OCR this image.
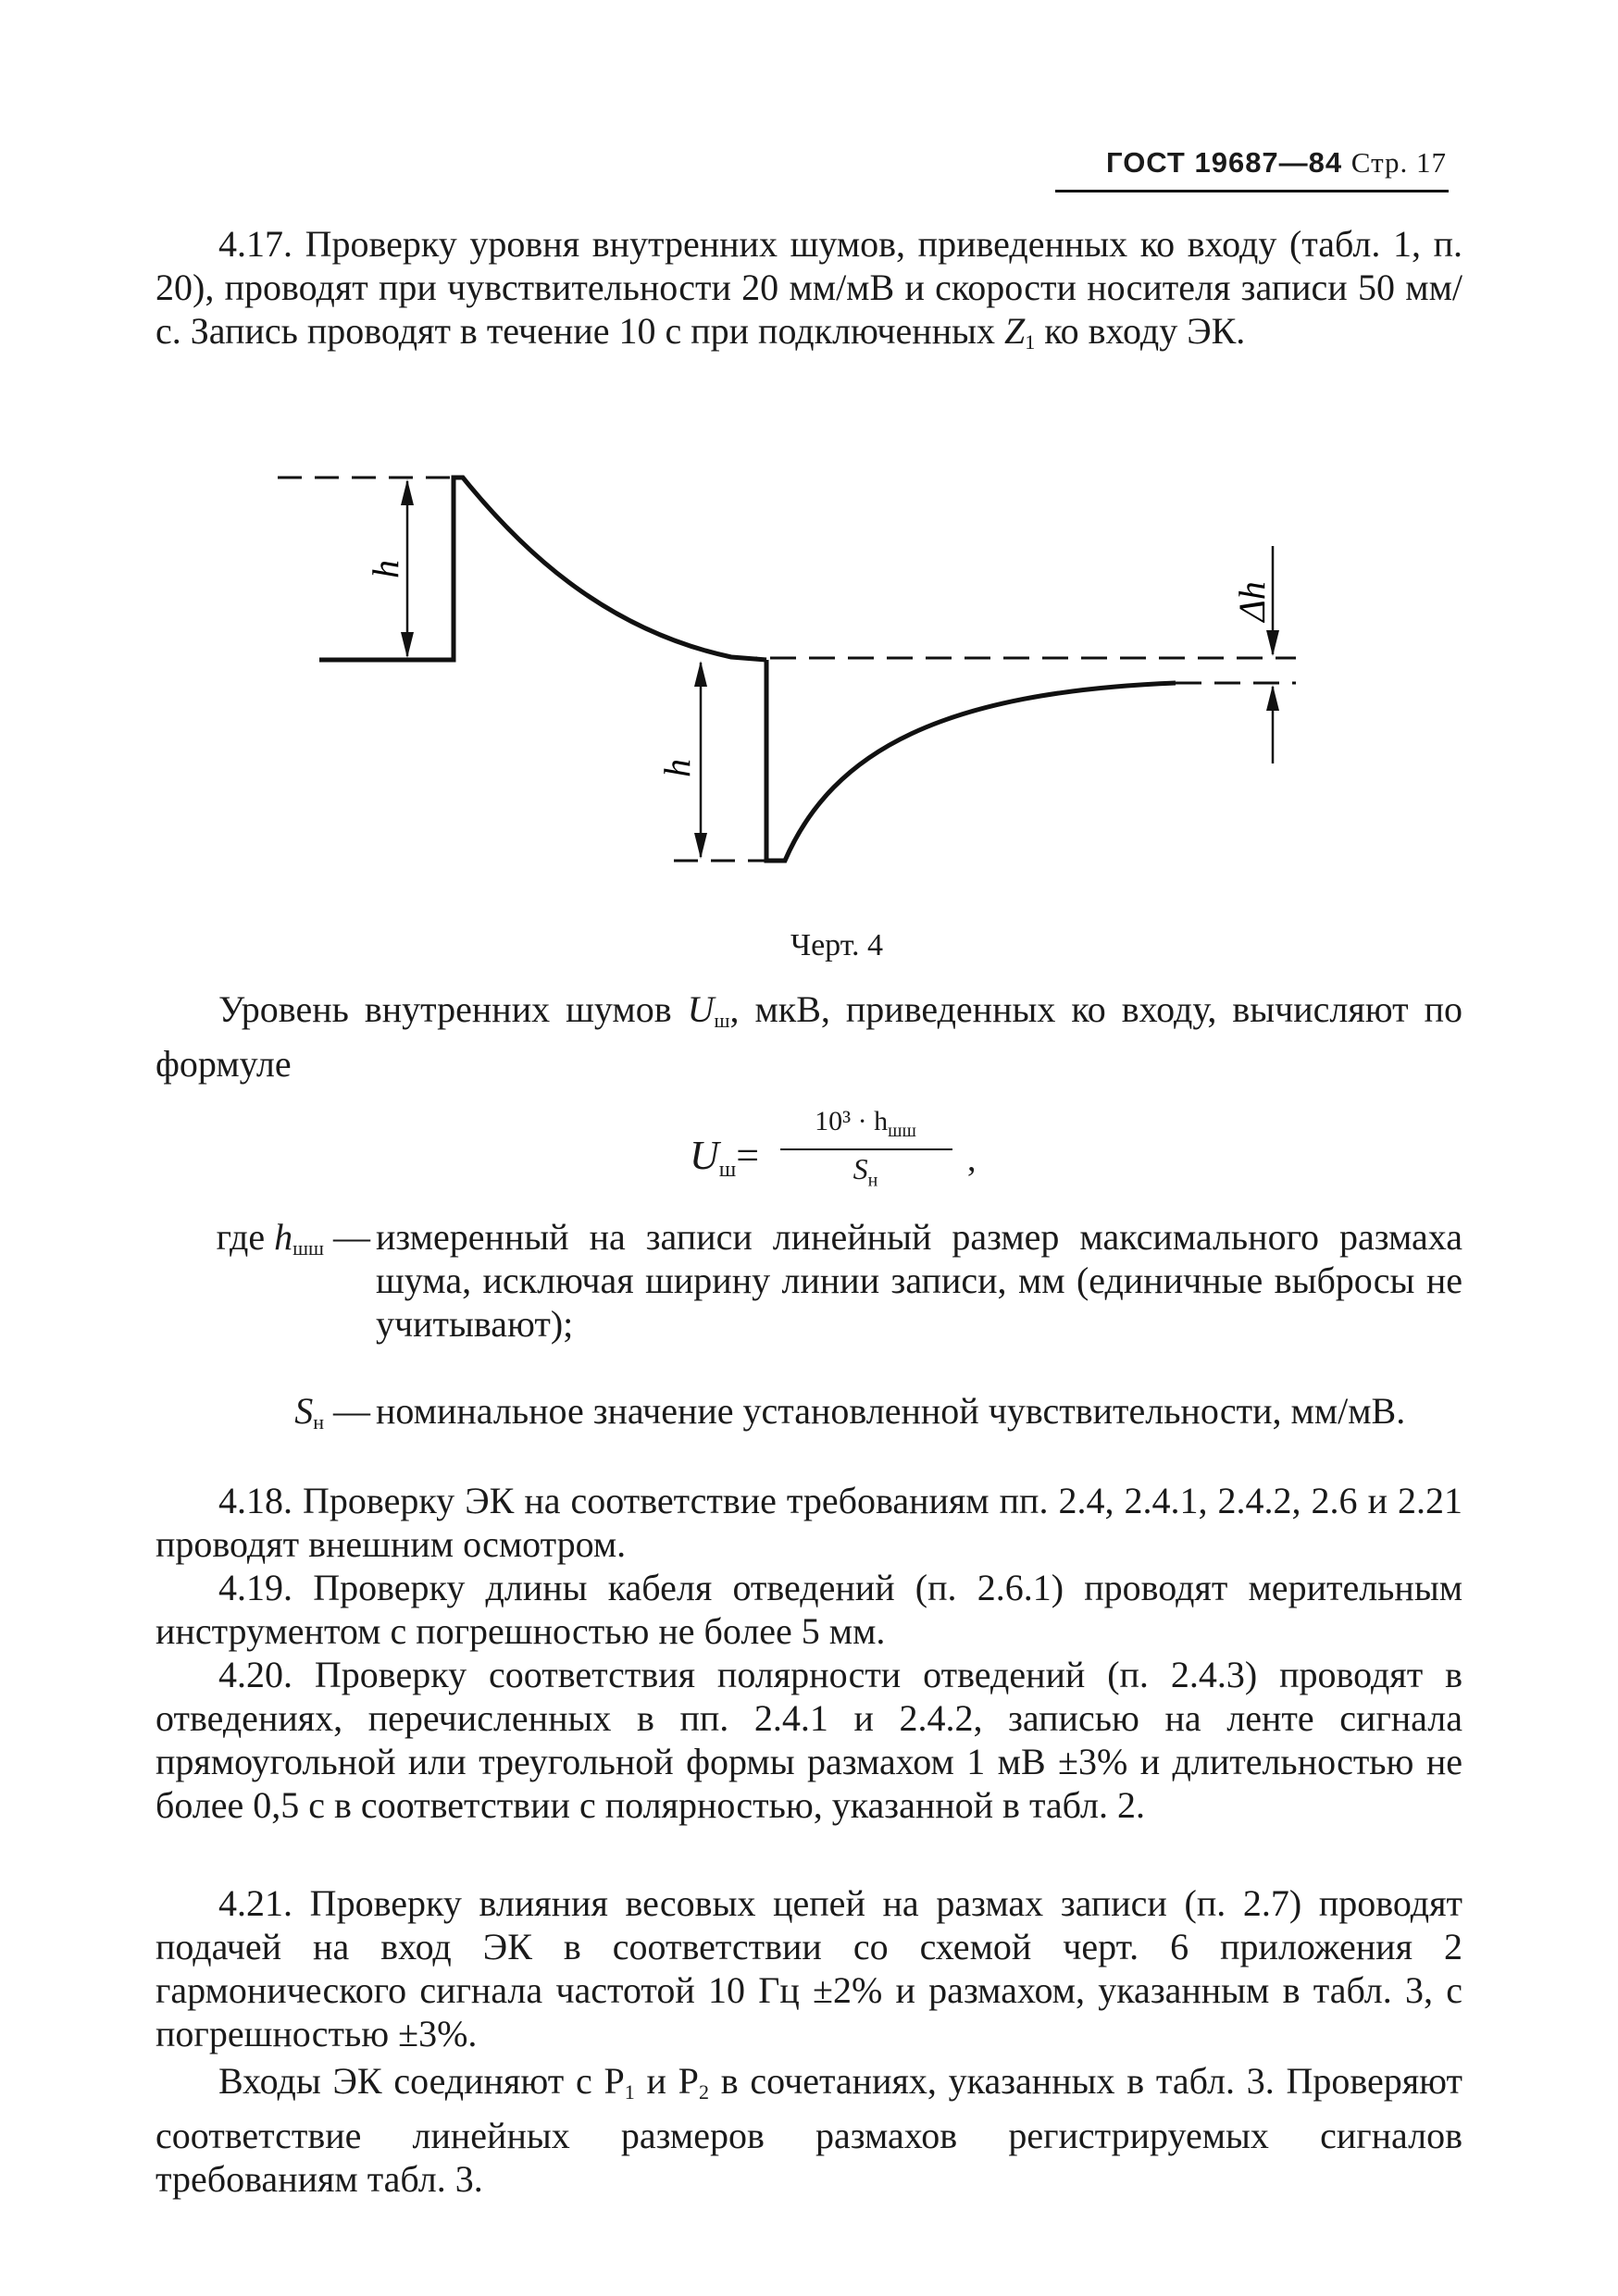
ГОСТ 19687—84 Стр. 17

4.17. Проверку уровня внутренних шумов, приведенных ко входу (табл. 1, п. 20), проводят при чувствительности 20 мм/мВ и скорости носителя записи 50 мм/с. Запись проводят в течение 10 с при подключенных $Z_1$ ко входу ЭК.

h
h
Δh
Черт. 4

Уровень внутренних шумов $U_ш$, мкВ, приведенных ко входу, вычисляют по формуле

$U_ш=$
$10^3 \cdot h_{шш}$
$S_н$
,
где $h_{шш}$ — измеренный на записи линейный размер максимального размаха шума, исключая ширину линии записи, мм (единичные выбросы не учитывают);
$S_н$ — номинальное значение установленной чувствительности, мм/мВ.

4.18. Проверку ЭК на соответствие требованиям пп. 2.4, 2.4.1, 2.4.2, 2.6 и 2.21 проводят внешним осмотром.

4.19. Проверку длины кабеля отведений (п. 2.6.1) проводят мерительным инструментом с погрешностью не более 5 мм.

4.20. Проверку соответствия полярности отведений (п. 2.4.3) проводят в отведениях, перечисленных в пп. 2.4.1 и 2.4.2, записью на ленте сигнала прямоугольной или треугольной формы размахом 1 мВ ±3% и длительностью не более 0,5 с в соответствии с полярностью, указанной в табл. 2.

4.21. Проверку влияния весовых цепей на размах записи (п. 2.7) проводят подачей на вход ЭК в соответствии со схемой черт. 6 приложения 2 гармонического сигнала частотой 10 Гц ±2% и размахом, указанным в табл. 3, с погрешностью ±3%.

Входы ЭК соединяют с $Р_1$ и $Р_2$ в сочетаниях, указанных в табл. 3. Проверяют соответствие линейных размеров размахов регистрируемых сигналов требованиям табл. 3.
